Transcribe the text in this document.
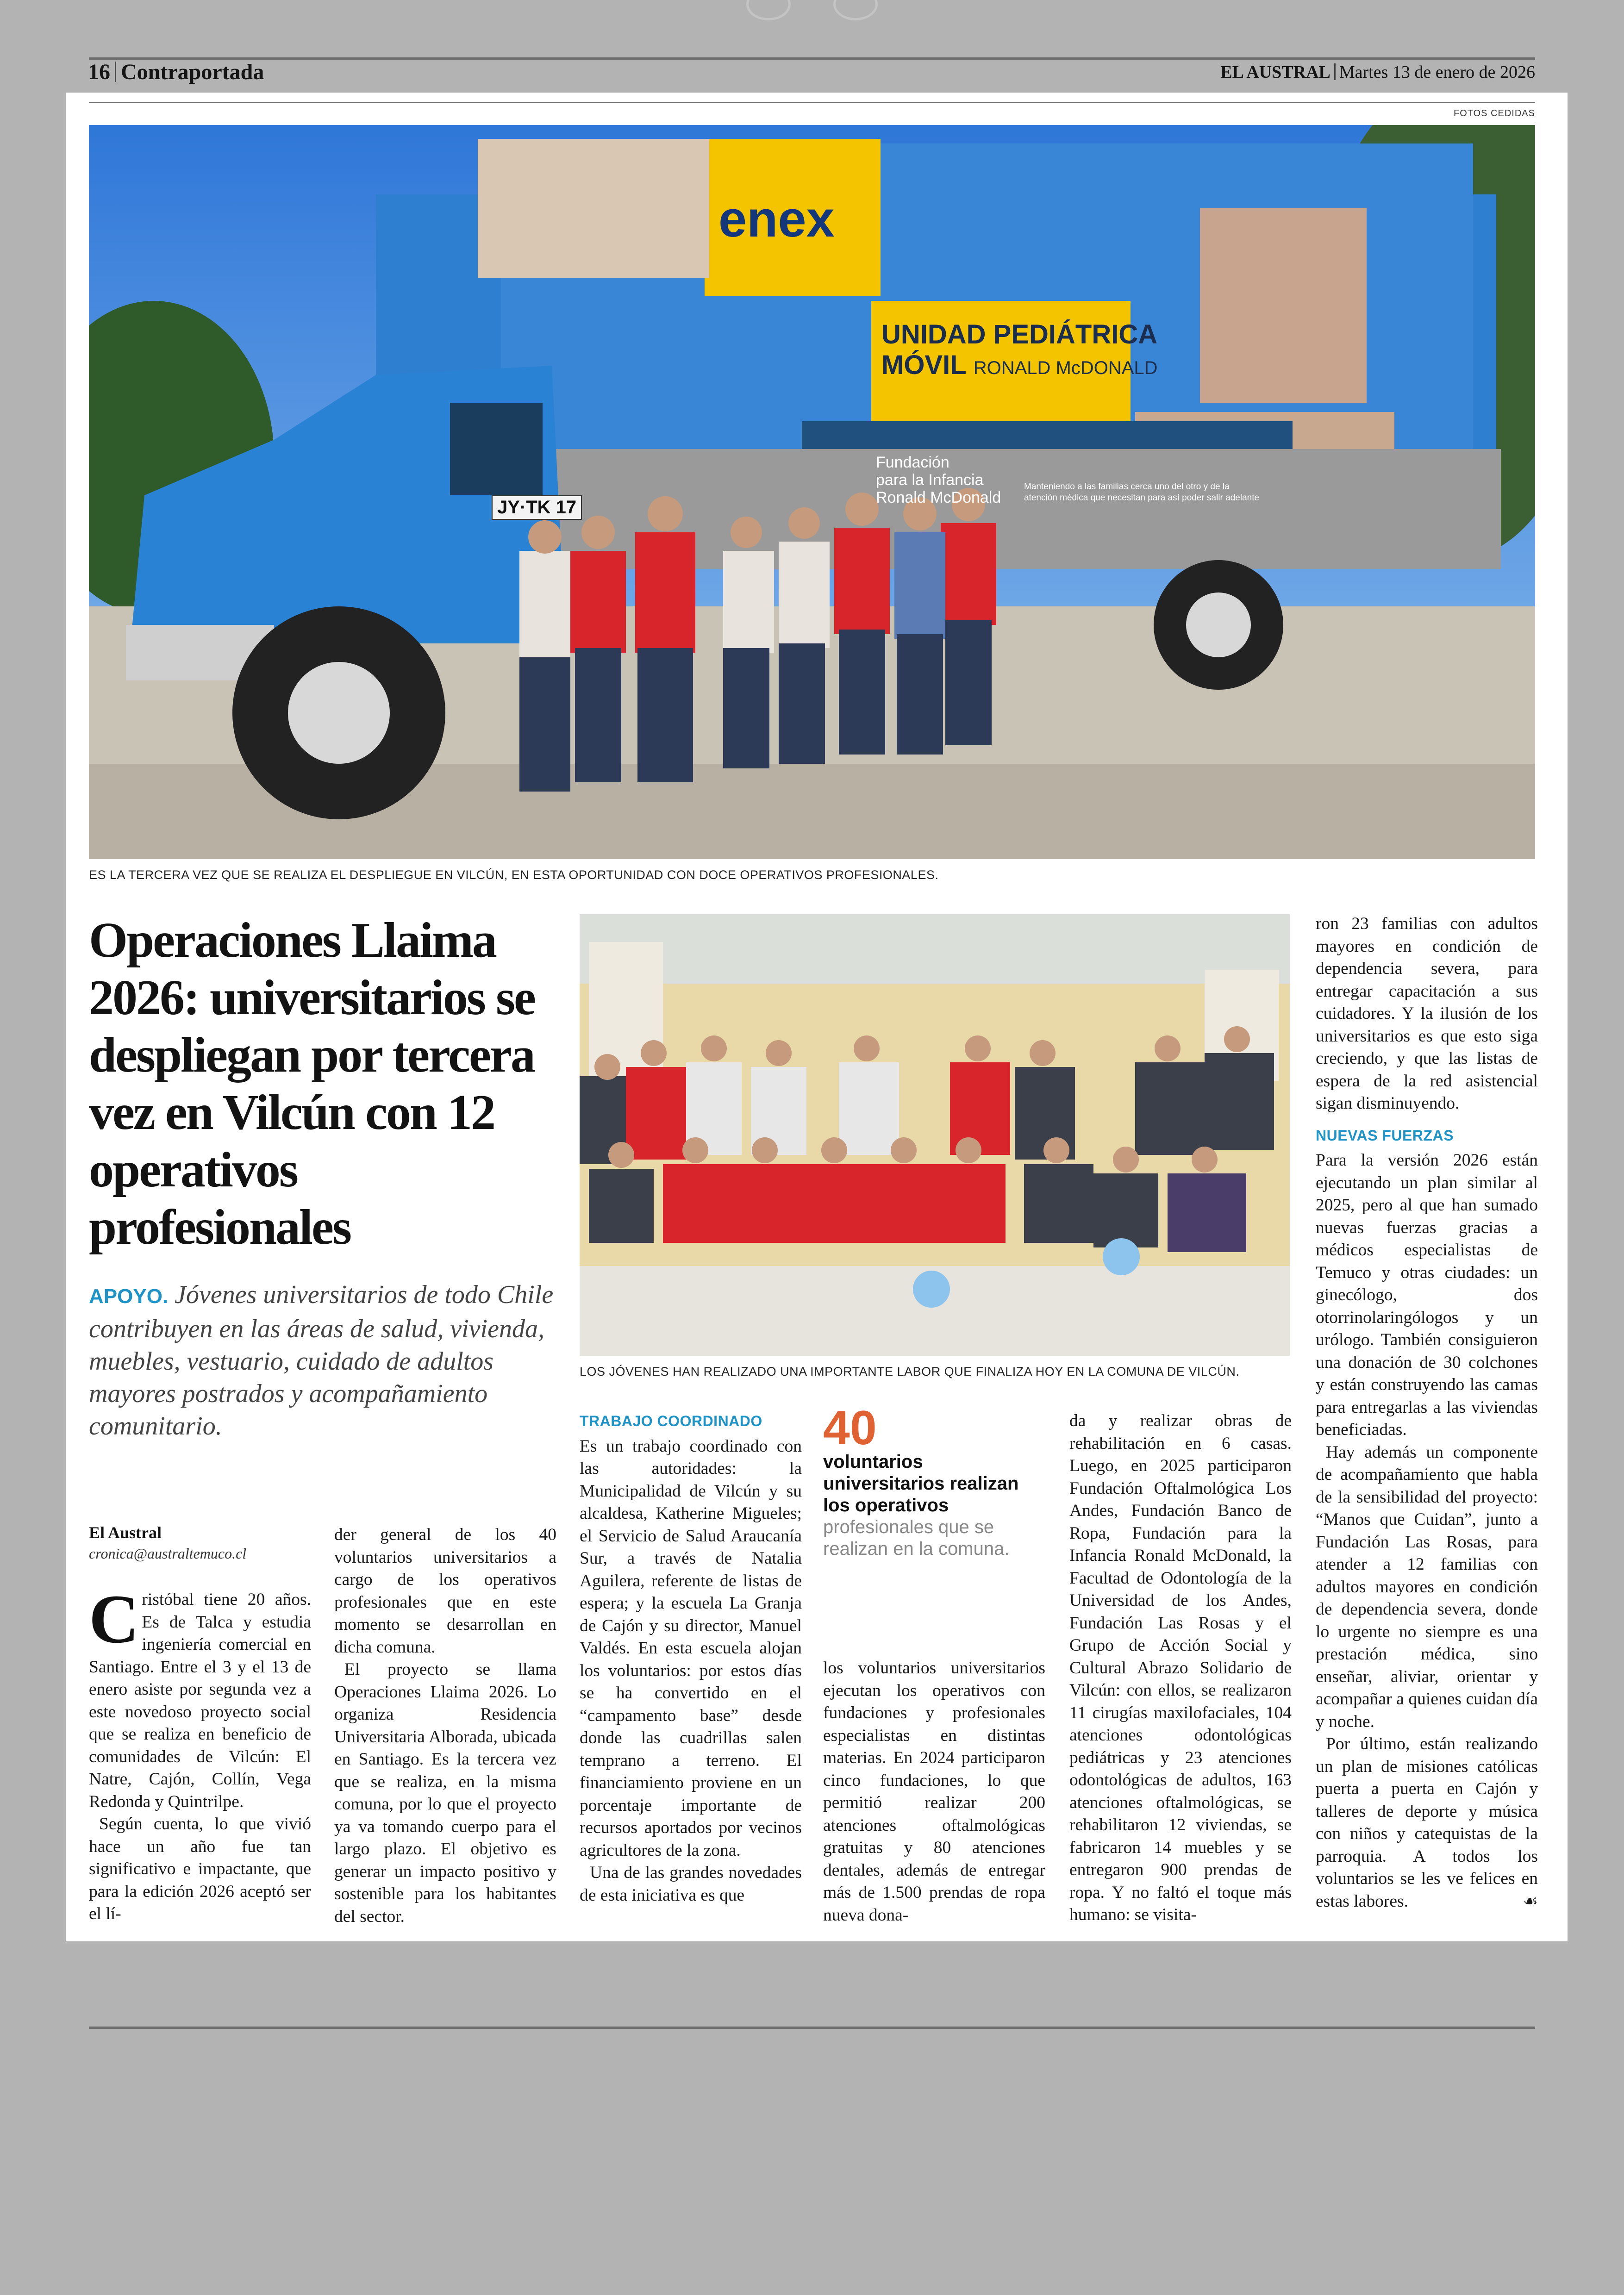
16 Contraportada	EL AUSTRAL Martes 13 de enero de 2026
FOTOS CEDIDAS
enex
UNIDAD PEDIÁTRICA
MÓVIL RONALD McDONALD
Fundación
para la Infancia
Ronald McDonald
Manteniendo a las familias cerca uno del otro y de la
atención médica que necesitan para así poder salir adelante
JY·TK 17
ES LA TERCERA VEZ QUE SE REALIZA EL DESPLIEGUE EN VILCÚN, EN ESTA OPORTUNIDAD CON DOCE OPERATIVOS PROFESIONALES.
LOS JÓVENES HAN REALIZADO UNA IMPORTANTE LABOR QUE FINALIZA HOY EN LA COMUNA DE VILCÚN.
Operaciones Llaima 2026: universitarios se despliegan por tercera vez en Vilcún con 12 operativos profesionales
APOYO. Jóvenes universitarios de todo Chile contribuyen en las áreas de salud, vivienda, muebles, vestuario, cuidado de adultos mayores postrados y acompañamiento comunitario.
El Austral
cronica@australtemuco.cl

Cristóbal tiene 20 años. Es de Talca y estudia ingeniería comercial en Santiago. Entre el 3 y el 13 de enero asiste por segunda vez a este novedoso proyecto social que se realiza en beneficio de comunidades de Vilcún: El Natre, Cajón, Collín, Vega Redonda y Quintrilpe.

Según cuenta, lo que vivió hace un año fue tan significativo e impactante, que para la edición 2026 aceptó ser el lí-

der general de los 40 voluntarios universitarios a cargo de los operativos profesionales que en este momento se desarrollan en dicha comuna.

El proyecto se llama Operaciones Llaima 2026. Lo organiza Residencia Universitaria Alborada, ubicada en Santiago. Es la tercera vez que se realiza, en la misma comuna, por lo que el proyecto ya va tomando cuerpo para el largo plazo. El objetivo es generar un impacto positivo y sostenible para los habitantes del sector.

TRABAJO COORDINADO

Es un trabajo coordinado con las autoridades: la Municipalidad de Vilcún y su alcaldesa, Katherine Migueles; el Servicio de Salud Araucanía Sur, a través de Natalia Aguilera, referente de listas de espera; y la escuela La Granja de Cajón y su director, Manuel Valdés. En esta escuela alojan los voluntarios: por estos días se ha convertido en el “campamento base” desde donde las cuadrillas salen temprano a terreno. El financiamiento proviene en un porcentaje importante de recursos aportados por vecinos agricultores de la zona.

Una de las grandes novedades de esta iniciativa es que

40
voluntarios universitarios realizan los operativos profesionales que se realizan en la comuna.

los voluntarios universitarios ejecutan los operativos con fundaciones y profesionales especialistas en distintas materias. En 2024 participaron cinco fundaciones, lo que permitió realizar 200 atenciones oftalmológicas gratuitas y 80 atenciones dentales, además de entregar más de 1.500 prendas de ropa nueva dona-

da y realizar obras de rehabilitación en 6 casas. Luego, en 2025 participaron Fundación Oftalmológica Los Andes, Fundación Banco de Ropa, Fundación para la Infancia Ronald McDonald, la Facultad de Odontología de la Universidad de los Andes, Fundación Las Rosas y el Grupo de Acción Social y Cultural Abrazo Solidario de Vilcún: con ellos, se realizaron 11 cirugías maxilofaciales, 104 atenciones odontológicas pediátricas y 23 atenciones odontológicas de adultos, 163 atenciones oftalmológicas, se rehabilitaron 12 viviendas, se fabricaron 14 muebles y se entregaron 900 prendas de ropa. Y no faltó el toque más humano: se visita-

ron 23 familias con adultos mayores en condición de dependencia severa, para entregar capacitación a sus cuidadores. Y la ilusión de los universitarios es que esto siga creciendo, y que las listas de espera de la red asistencial sigan disminuyendo.

NUEVAS FUERZAS

Para la versión 2026 están ejecutando un plan similar al 2025, pero al que han sumado nuevas fuerzas gracias a médicos especialistas de Temuco y otras ciudades: un ginecólogo, dos otorrinolaringólogos y un urólogo. También consiguieron una donación de 30 colchones y están construyendo las camas para entregarlas a las viviendas beneficiadas.

Hay además un componente de acompañamiento que habla de la sensibilidad del proyecto: “Manos que Cuidan”, junto a Fundación Las Rosas, para atender a 12 familias con adultos mayores en condición de dependencia severa, donde lo urgente no siempre es una prestación médica, sino enseñar, aliviar, orientar y acompañar a quienes cuidan día y noche.

Por último, están realizando un plan de misiones católicas puerta a puerta en Cajón y talleres de deporte y música con niños y catequistas de la parroquia. A todos los voluntarios se les ve felices en estas labores.	☙
